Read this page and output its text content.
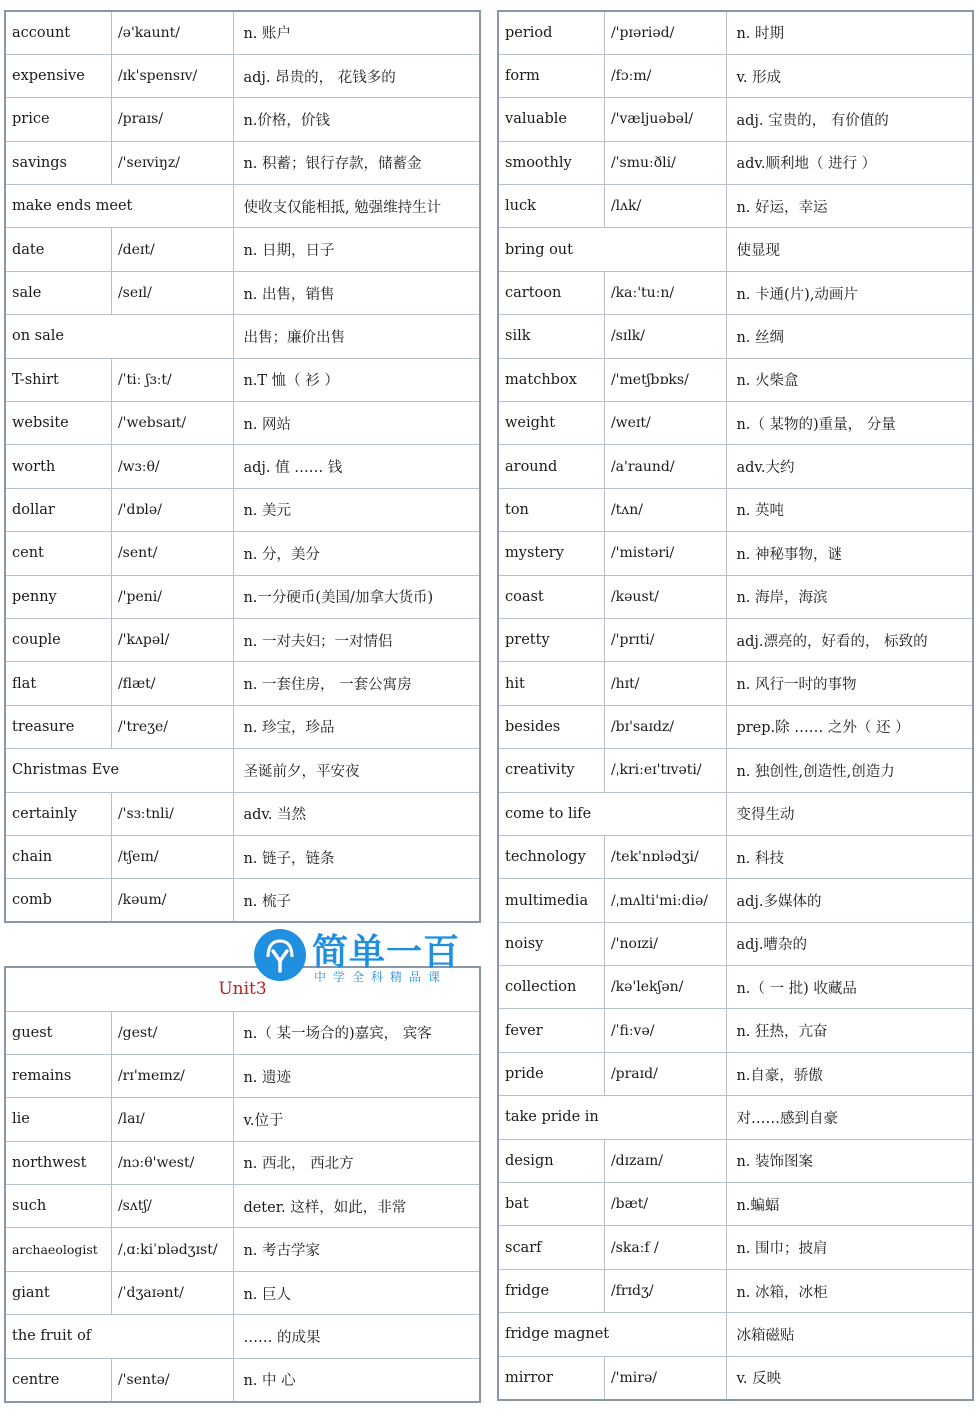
account	/ə'kaunt/	n. 账户
expensive	/ɪk'spensɪv/	adj. 昂贵的， 花钱多的
price	/praɪs/	n.价格，价钱
savings	/'seɪviŋz/	n. 积蓄；银行存款，储蓄金
make ends meet		使收支仅能相抵, 勉强维持生计
date	/deɪt/	n. 日期，日子
sale	/seɪl/	n. 出售，销售
on sale		出售；廉价出售
T-shirt	/ˈtiː ʃɜːt/	n.T 恤（ 衫 ）
website	/'websaɪt/	n. 网站
worth	/wɜːθ/	adj. 值 …… 钱
dollar	/'dɒlə/	n. 美元
cent	/sent/	n. 分，美分
penny	/'peni/	n.一分硬币(美国/加拿大货币)
couple	/'kʌpəl/	n. 一对夫妇；一对情侣
flat	/flæt/	n. 一套住房， 一套公寓房
treasure	/'treʒe/	n. 珍宝，珍品
Christmas Eve		圣诞前夕，平安夜
certainly	/'sɜːtnli/	adv. 当然
chain	/tʃeɪn/	n. 链子，链条
comb	/kəum/	n. 梳子
Unit3		
guest	/gest/	n.（ 某一场合的)嘉宾， 宾客
remains	/rɪ'meɪnz/	n. 遗迹
lie	/laɪ/	v.位于
northwest	/nɔːθ'west/	n. 西北， 西北方
such	/sʌtʃ/	deter. 这样，如此，非常
archaeologist	/ˌɑːkiˈɒlədʒɪst/	n. 考古学家
giant	/ˈdʒaɪənt/	n. 巨人
the fruit of		…… 的成果
centre	/'sentə/	n. 中 心
period	/'pɪəriəd/	n. 时期
form	/fɔːm/	v. 形成
valuable	/'væljuəbəl/	adj. 宝贵的， 有价值的
smoothly	/ˈsmuːðli/	adv.顺利地（ 进行 ）
luck	/lʌk/	n. 好运，幸运
bring out		使显现
cartoon	/kaː'tuːn/	n. 卡通(片),动画片
silk	/sɪlk/	n. 丝绸
matchbox	/'metʃbɒks/	n. 火柴盒
weight	/weɪt/	n.（ 某物的)重量， 分量
around	/a'raund/	adv.大约
ton	/tʌn/	n. 英吨
mystery	/'mistəri/	n. 神秘事物，谜
coast	/kəust/	n. 海岸，海滨
pretty	/'prɪti/	adj.漂亮的，好看的， 标致的
hit	/hɪt/	n. 风行一时的事物
besides	/bɪ'saɪdz/	prep.除 …… 之外（ 还 ）
creativity	/ˌkriːeɪ'tɪvəti/	n. 独创性,创造性,创造力
come to life		变得生动
technology	/tek'nɒlədʒi/	n. 科技
multimedia	/ˌmʌlti'miːdiə/	adj.多媒体的
noisy	/'noɪzi/	adj.嘈杂的
collection	/kə'lekʃən/	n.（ 一 批) 收藏品
fever	/ˈfiːvə/	n. 狂热，亢奋
pride	/praɪd/	n.自豪，骄傲
take pride in		对……感到自豪
design	/dɪzaɪn/	n. 装饰图案
bat	/bæt/	n.蝙蝠
scarf	/skaːf /	n. 围巾；披肩
fridge	/frɪdʒ/	n. 冰箱，冰柜
fridge magnet		冰箱磁贴
mirror	/'mirə/	v. 反映
简单一百
中学全科精品课
